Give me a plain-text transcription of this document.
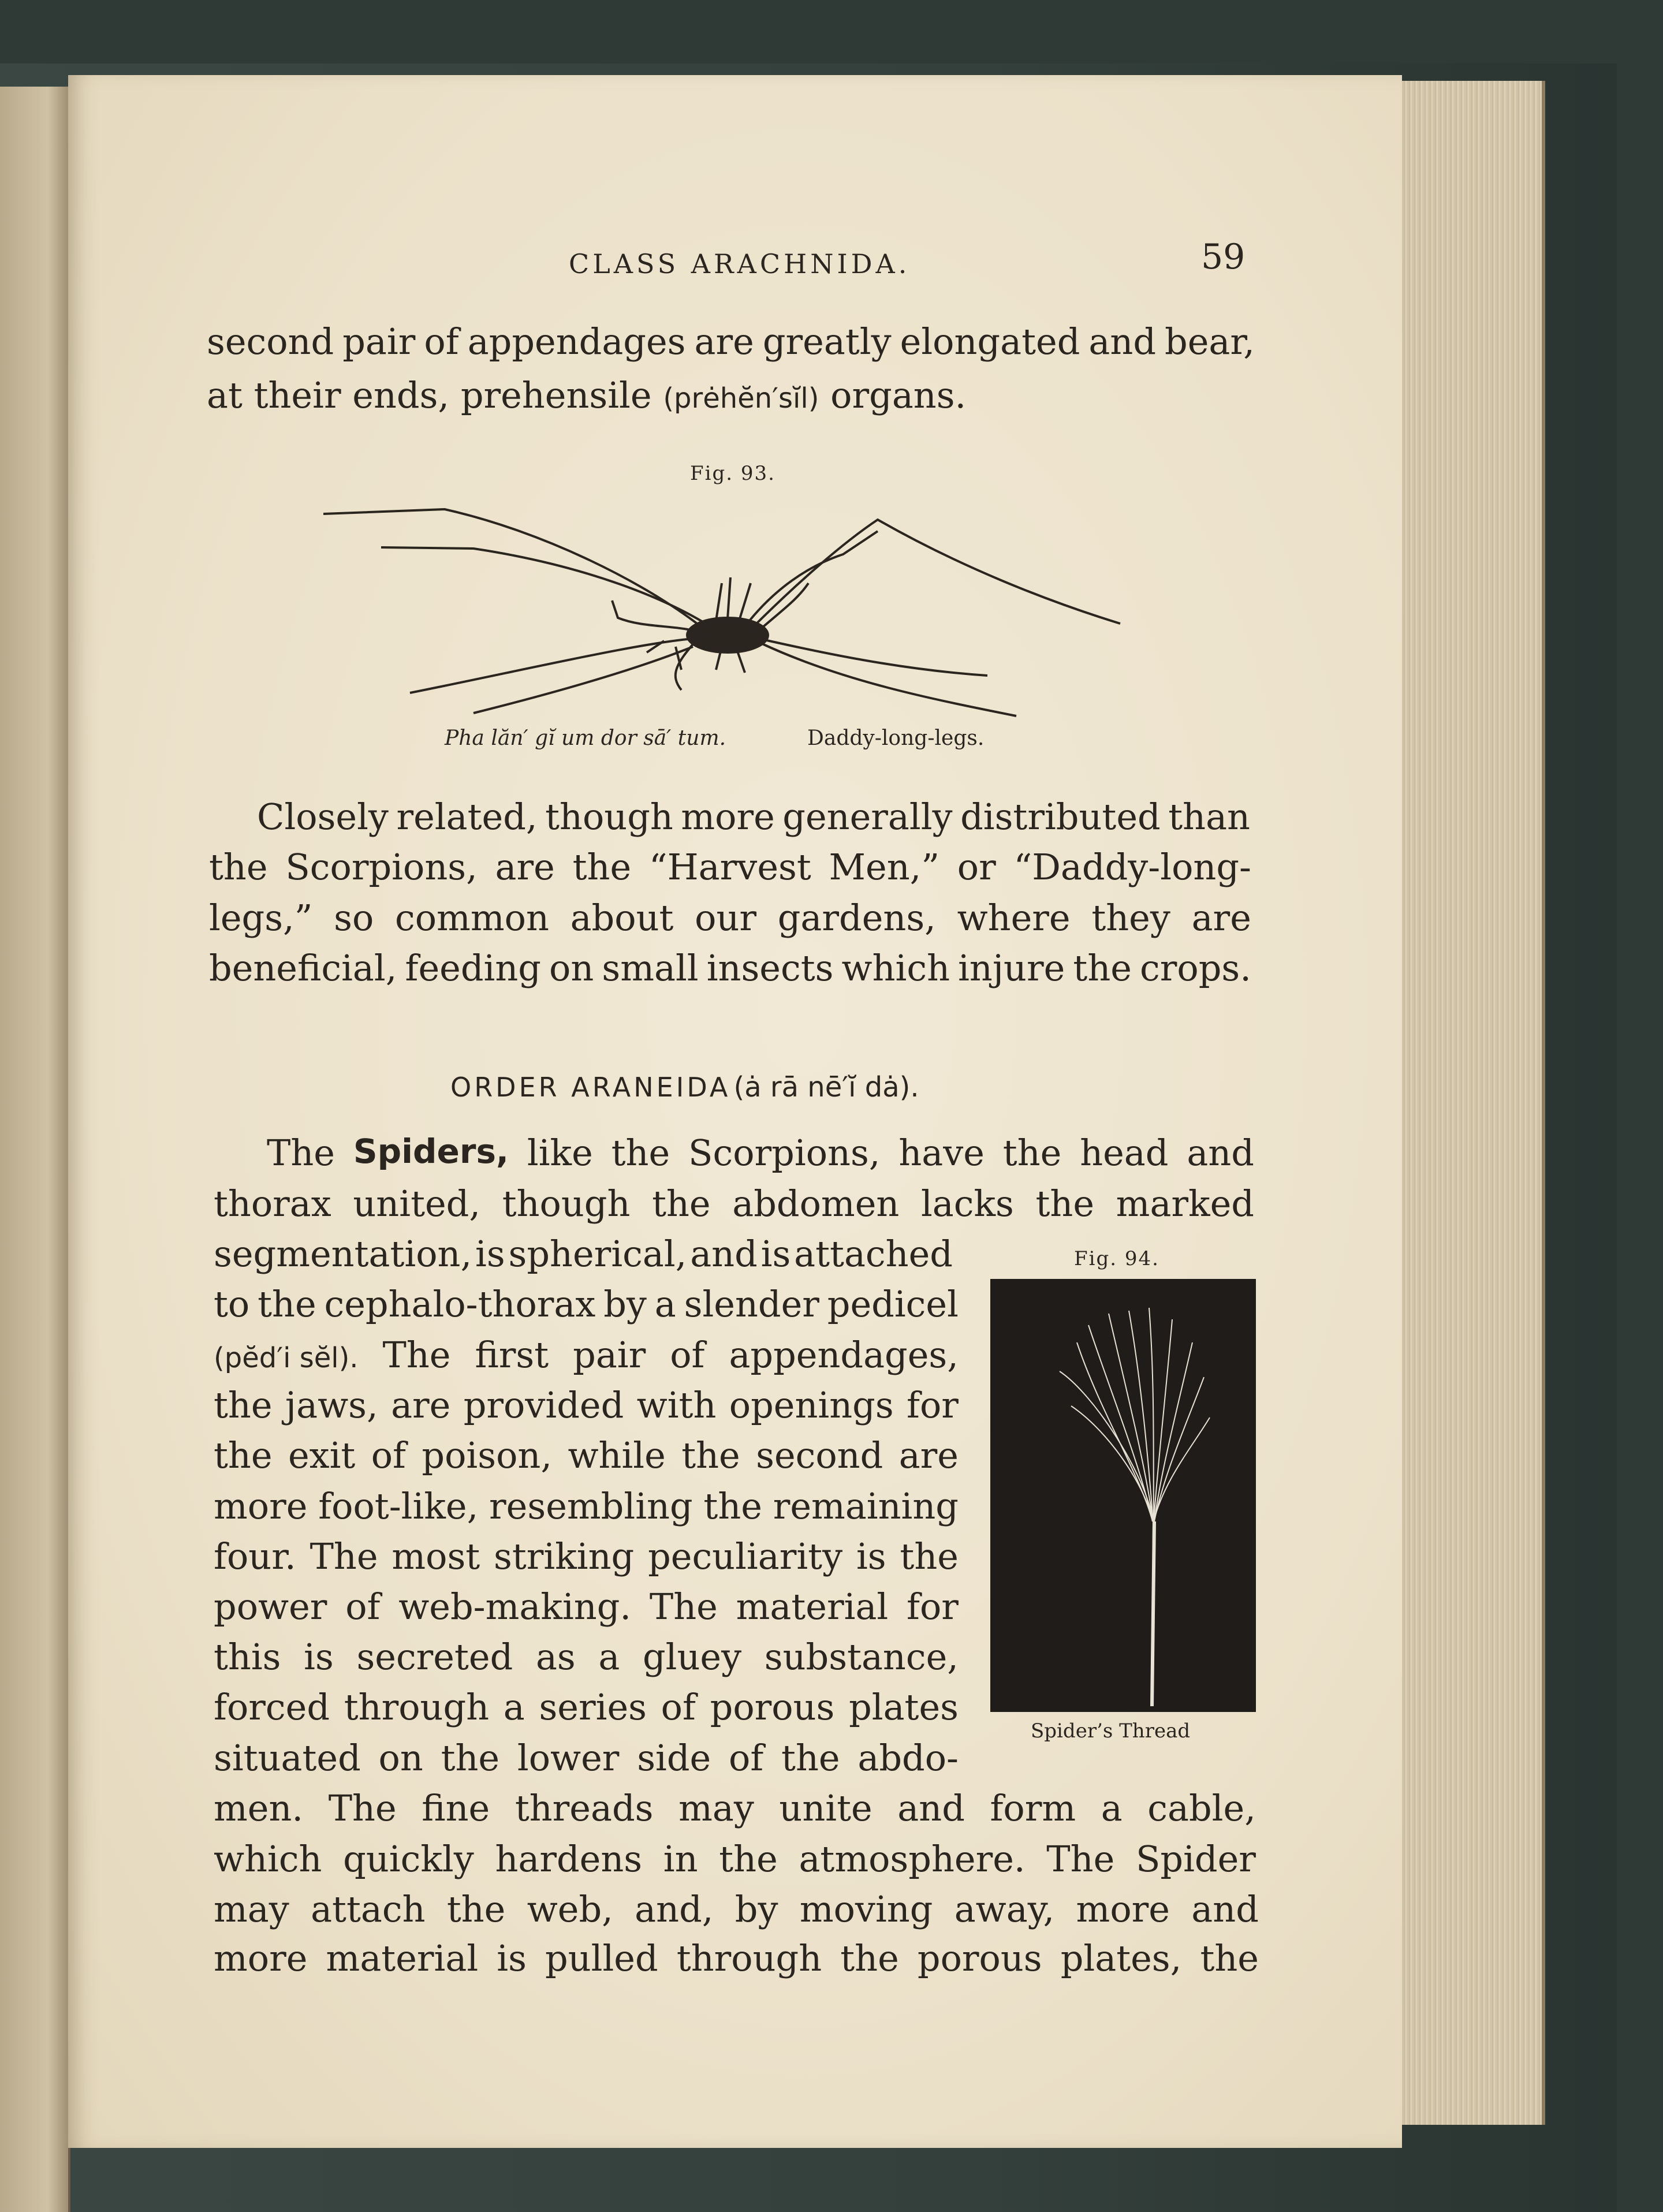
CLASS ARACHNIDA.	59
second pair of appendages are greatly elongated and bear,
at their ends, prehensile (prėhĕn′sĭl) organs.
Fig. 93.
Pha lăn′ gĭ um dor sā′ tum.	Daddy-long-legs.
Closely related, though more generally distributed than
the Scorpions, are the “Harvest Men,” or “Daddy-long-
legs,” so common about our gardens, where they are
beneficial, feeding on small insects which injure the crops.
ORDER ARANEIDA (ȧ rā nē′ĭ dȧ).
The Spiders, like the Scorpions, have the head and
thorax united, though the abdomen lacks the marked
segmentation, is spherical, and is attached
to the cephalo-thorax by a slender pedicel
(pĕd′i sĕl). The first pair of appendages,
the jaws, are provided with openings for
the exit of poison, while the second are
more foot-like, resembling the remaining
four. The most striking peculiarity is the
power of web-making. The material for
this is secreted as a gluey substance,
forced through a series of porous plates
situated on the lower side of the abdo-
men. The fine threads may unite and form a cable,
which quickly hardens in the atmosphere. The Spider
may attach the web, and, by moving away, more and
more material is pulled through the porous plates, the
Fig. 94.
Spider’s Thread
